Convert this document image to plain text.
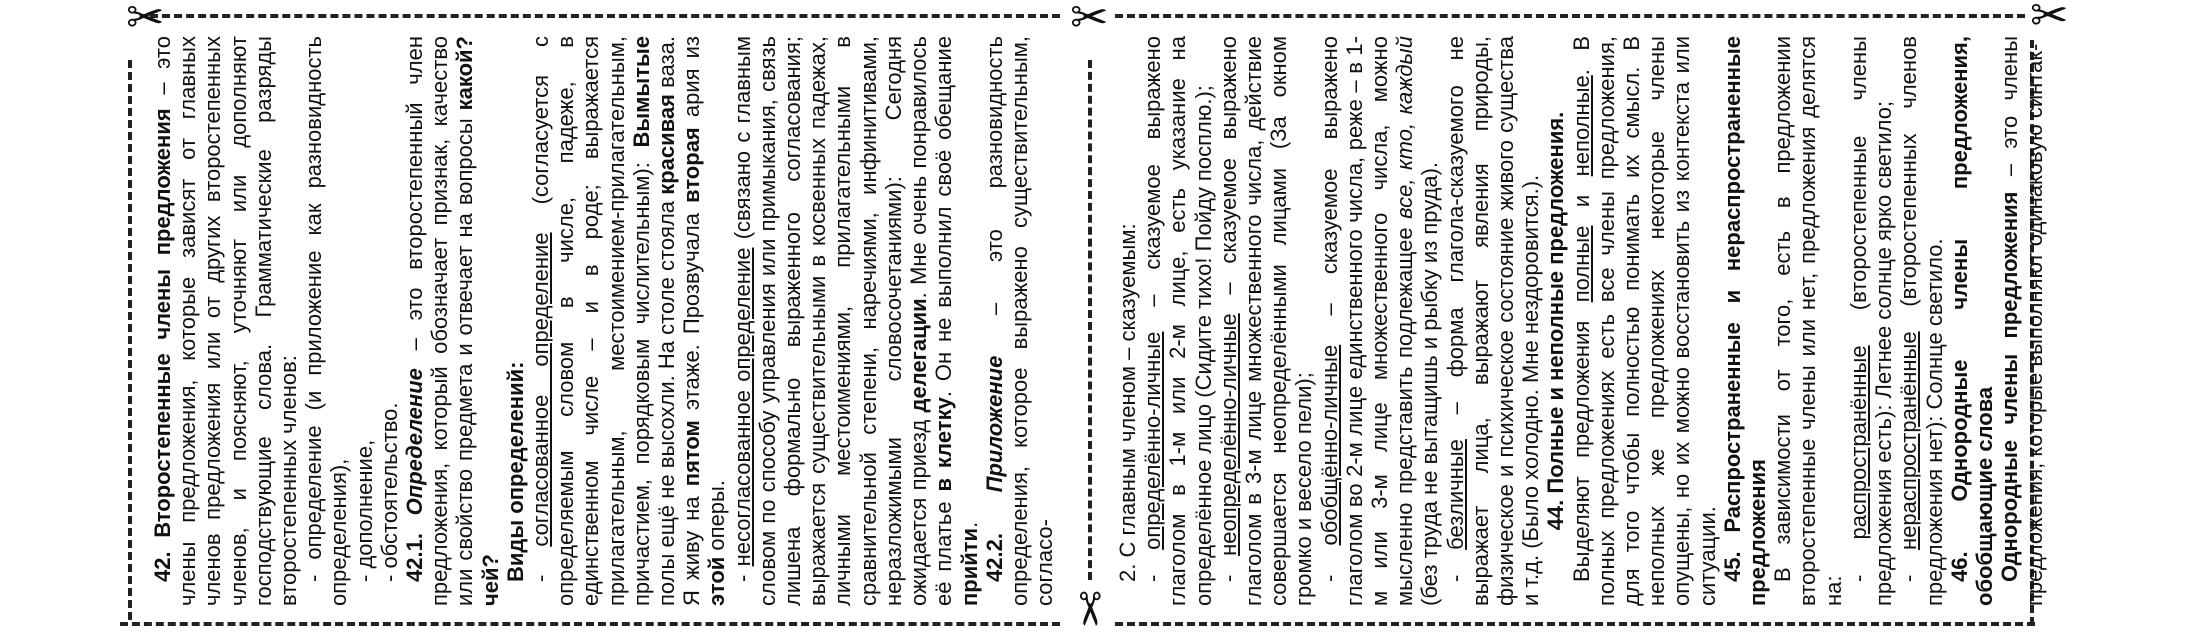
✂	✂	✂
✂

42. Второстепенные члены предложения – это члены предложения, которые зависят от главных членов предложения или от других второстепенных членов, и поясняют, уточняют или дополняют господствующие слова. Грамматические разряды второстепенных членов: - определение (и приложение как разновидность определения), - дополнение, - обстоятельство. 42.1. Определение – это второстепенный член предложения, который обозначает признак, качество или свойство предмета и отвечает на вопросы какой? чей? Виды определений: - согласованное определение (согласуется с определяемым словом в числе, падеже, в единственном числе – и в роде; выражается прилагательным, местоимением-прилагательным, причастием, порядковым числительным): Вымытые полы ещё не высохли. На столе стояла красивая ваза. Я живу на пятом этаже. Прозвучала вторая ария из этой оперы.

- несогласованное определение (связано с главным словом по способу управления или примыкания, связь лишена формально выраженного согласования; выражается существительными в косвенных падежах, личными местоимениями, прилагательными в сравнительной степени, наречиями, инфинитивами, неразложимыми словосочетаниями): Сегодня ожидается приезд делегации. Мне очень понравилось её платье в клетку. Он не выполнил своё обещание прийти. 42.2. Приложение – это разновидность определения, которое выражено существительным, согласо-	2. С главным членом – сказуемым: - определённо-личные – сказуемое выражено глаголом в 1-м или 2-м лице, есть указание на определённое лицо (Сидите тихо! Пойду посплю.); - неопределённо-личные – сказуемое выражено глаголом в 3-м лице множественного числа, действие совершается неопределёнными лицами (За окном громко и весело пели); - обобщённо-личные – сказуемое выражено глаголом во 2-м лице единственного числа, реже – в 1-м или 3-м лице множественного числа, можно мысленно представить подлежащее все, кто, каждый (без труда не вытащишь и рыбку из пруда). - безличные – форма глагола-сказуемого не выражает лица, выражают явления природы, физическое и психическое состояние живого существа и т.д. (Было холодно. Мне нездоровится.). 44. Полные и неполные предложения. Выделяют предложения полные и неполные. В полных предложениях есть все члены предложения, для того чтобы полностью понимать их смысл. В неполных же предложениях некоторые члены опущены, но их можно восстановить из контекста или ситуации. 45. Распространенные и нераспространенные предложения В зависимости от того, есть в предложении второстепенные члены или нет, предложения делятся на:

- распространённые (второстепенные члены предложения есть): Летнее солнце ярко светило; - нераспространённые (второстепенных членов предложения нет): Солнце светило. 46. Однородные члены предложения, обобщающие слова Однородные члены предложения – это члены предложения, которые выполняют одинаковую синтак-
